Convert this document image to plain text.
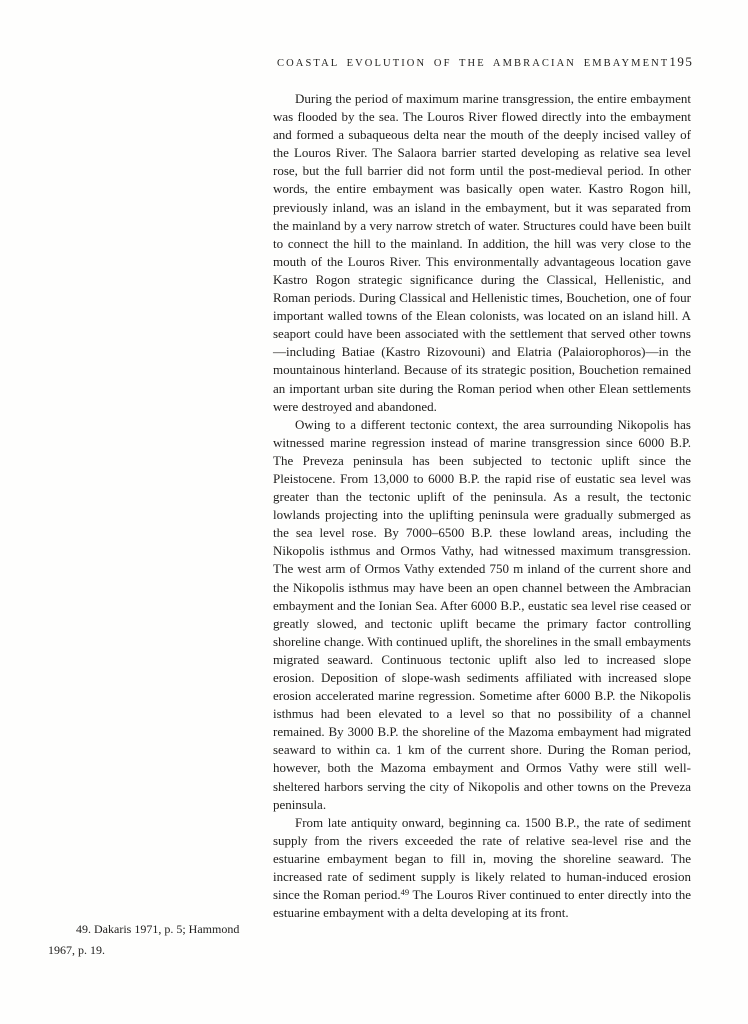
COASTAL EVOLUTION OF THE AMBRACIAN EMBAYMENT 195

During the period of maximum marine transgression, the entire embayment was flooded by the sea. The Louros River flowed directly into the embayment and formed a subaqueous delta near the mouth of the deeply incised valley of the Louros River. The Salaora barrier started developing as relative sea level rose, but the full barrier did not form until the post-medieval period. In other words, the entire embayment was basically open water. Kastro Rogon hill, previously inland, was an island in the embayment, but it was separated from the mainland by a very narrow stretch of water. Structures could have been built to connect the hill to the mainland. In addition, the hill was very close to the mouth of the Louros River. This environmentally advantageous location gave Kastro Rogon strategic significance during the Classical, Hellenistic, and Roman periods. During Classical and Hellenistic times, Bouchetion, one of four important walled towns of the Elean colonists, was located on an island hill. A seaport could have been associated with the settlement that served other towns—including Batiae (Kastro Rizovouni) and Elatria (Palaiorophoros)—in the mountainous hinterland. Because of its strategic position, Bouchetion remained an important urban site during the Roman period when other Elean settlements were destroyed and abandoned.

Owing to a different tectonic context, the area surrounding Nikopolis has witnessed marine regression instead of marine transgression since 6000 B.P. The Preveza peninsula has been subjected to tectonic uplift since the Pleistocene. From 13,000 to 6000 B.P. the rapid rise of eustatic sea level was greater than the tectonic uplift of the peninsula. As a result, the tectonic lowlands projecting into the uplifting peninsula were gradually submerged as the sea level rose. By 7000–6500 B.P. these lowland areas, including the Nikopolis isthmus and Ormos Vathy, had witnessed maximum transgression. The west arm of Ormos Vathy extended 750 m inland of the current shore and the Nikopolis isthmus may have been an open channel between the Ambracian embayment and the Ionian Sea. After 6000 B.P., eustatic sea level rise ceased or greatly slowed, and tectonic uplift became the primary factor controlling shoreline change. With continued uplift, the shorelines in the small embayments migrated seaward. Continuous tectonic uplift also led to increased slope erosion. Deposition of slope-wash sediments affiliated with increased slope erosion accelerated marine regression. Sometime after 6000 B.P. the Nikopolis isthmus had been elevated to a level so that no possibility of a channel remained. By 3000 B.P. the shoreline of the Mazoma embayment had migrated seaward to within ca. 1 km of the current shore. During the Roman period, however, both the Mazoma embayment and Ormos Vathy were still well-sheltered harbors serving the city of Nikopolis and other towns on the Preveza peninsula.

From late antiquity onward, beginning ca. 1500 B.P., the rate of sediment supply from the rivers exceeded the rate of relative sea-level rise and the estuarine embayment began to fill in, moving the shoreline seaward. The increased rate of sediment supply is likely related to human-induced erosion since the Roman period.$^{49}$ The Louros River continued to enter directly into the estuarine embayment with a delta developing at its front.

49. Dakaris 1971, p. 5; Hammond 1967, p. 19.
